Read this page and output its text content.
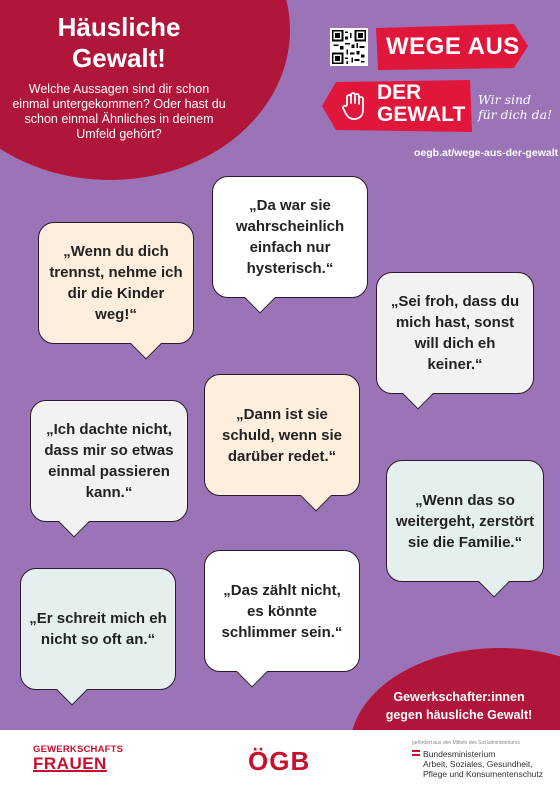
Häusliche
Gewalt!
Welche Aussagen sind dir schon einmal untergekommen? Oder hast du schon einmal Ähnliches in deinem Umfeld gehört?
WEGE AUS
DER
GEWALT
Wir sind
für dich da!
oegb.at/wege-aus-der-gewalt
„Da war sie wahrscheinlich einfach nur hysterisch.“
„Wenn du dich trennst, nehme ich dir die Kinder weg!“
„Sei froh, dass du mich hast, sonst will dich eh keiner.“
„Ich dachte nicht, dass mir so etwas einmal passieren kann.“
„Dann ist sie schuld, wenn sie darüber redet.“
„Wenn das so weitergeht, zerstört sie die Familie.“
„Er schreit mich eh nicht so oft an.“
„Das zählt nicht, es könnte schlimmer sein.“
Gewerkschafter:innen
gegen häusliche Gewalt!
GEWERKSCHAFTS
FRAUEN	ÖGB
gefördert aus den Mitteln des Sozialministeriums
Bundesministerium
Arbeit, Soziales, Gesundheit,
Pflege und Konsumentenschutz
